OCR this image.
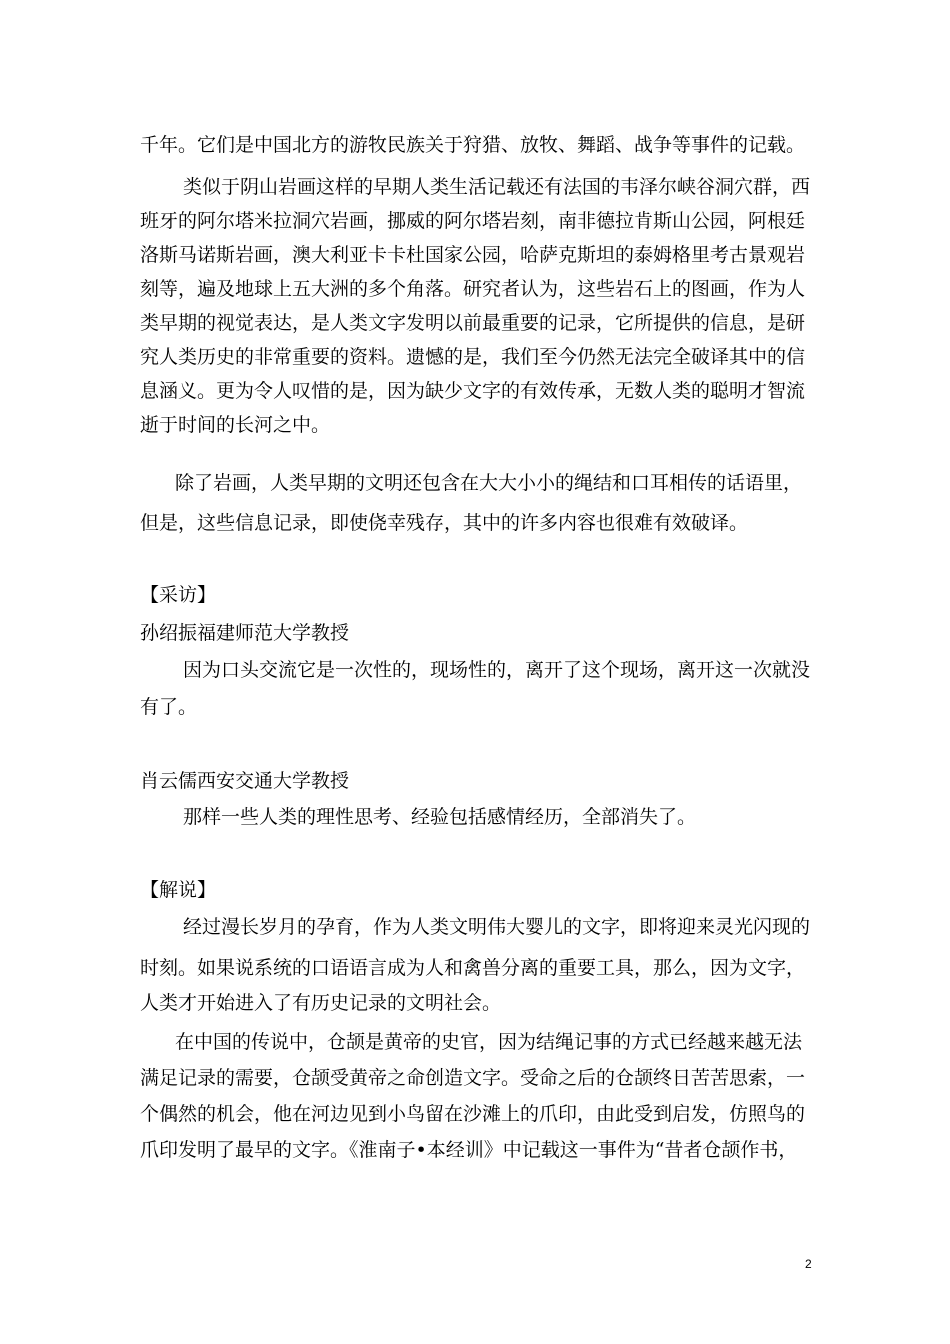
千年。它们是中国北方的游牧民族关于狩猎、放牧、舞蹈、战争等事件的记载。
类似于阴山岩画这样的早期人类生活记载还有法国的韦泽尔峡谷洞穴群，西
班牙的阿尔塔米拉洞穴岩画，挪威的阿尔塔岩刻，南非德拉肯斯山公园，阿根廷
洛斯马诺斯岩画，澳大利亚卡卡杜国家公园，哈萨克斯坦的泰姆格里考古景观岩
刻等，遍及地球上五大洲的多个角落。研究者认为，这些岩石上的图画，作为人
类早期的视觉表达，是人类文字发明以前最重要的记录，它所提供的信息，是研
究人类历史的非常重要的资料。遗憾的是，我们至今仍然无法完全破译其中的信
息涵义。更为令人叹惜的是，因为缺少文字的有效传承，无数人类的聪明才智流
逝于时间的长河之中。
除了岩画，人类早期的文明还包含在大大小小的绳结和口耳相传的话语里，
但是，这些信息记录，即使侥幸残存，其中的许多内容也很难有效破译。
【采访】
孙绍振福建师范大学教授
因为口头交流它是一次性的，现场性的，离开了这个现场，离开这一次就没
有了。
肖云儒西安交通大学教授
那样一些人类的理性思考、经验包括感情经历，全部消失了。
【解说】
经过漫长岁月的孕育，作为人类文明伟大婴儿的文字，即将迎来灵光闪现的
时刻。如果说系统的口语语言成为人和禽兽分离的重要工具，那么，因为文字，
人类才开始进入了有历史记录的文明社会。
在中国的传说中，仓颉是黄帝的史官，因为结绳记事的方式已经越来越无法
满足记录的需要，仓颉受黄帝之命创造文字。受命之后的仓颉终日苦苦思索，一
个偶然的机会，他在河边见到小鸟留在沙滩上的爪印，由此受到启发，仿照鸟的
爪印发明了最早的文字。《淮南子•本经训》中记载这一事件为“昔者仓颉作书，
2
